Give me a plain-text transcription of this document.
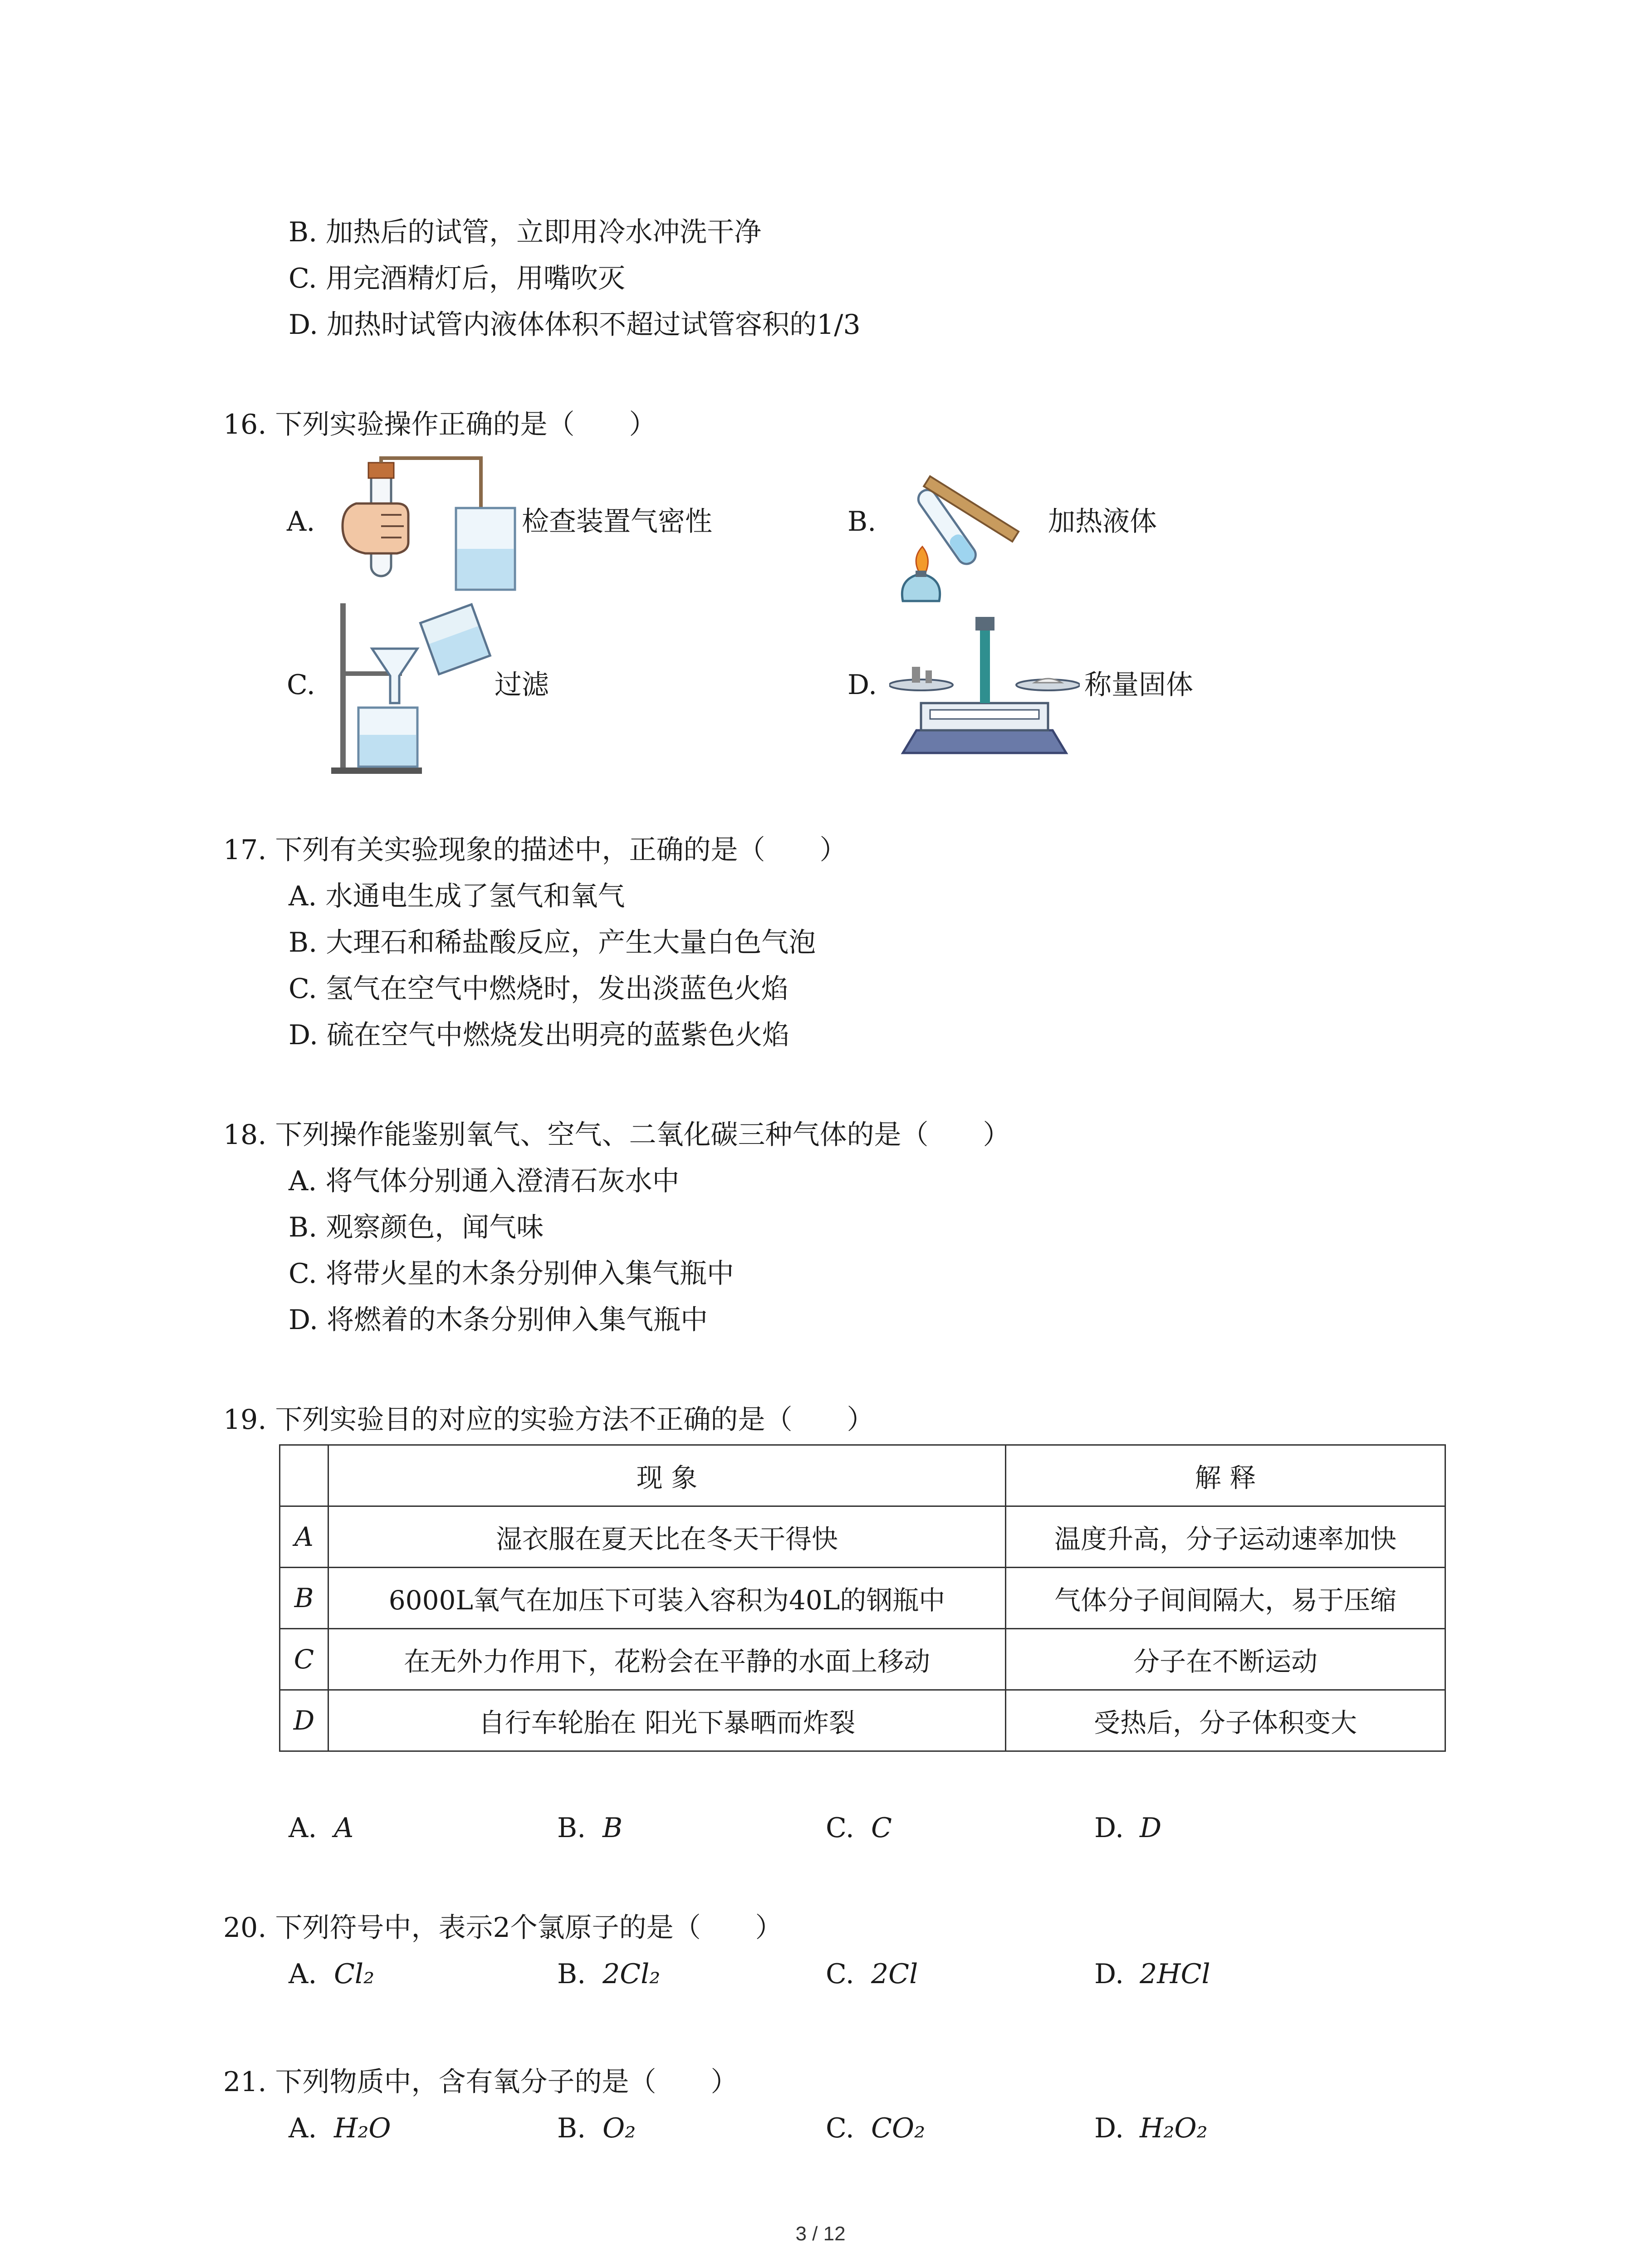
B. 加热后的试管，立即用冷水冲洗干净
C. 用完酒精灯后，用嘴吹灭
D. 加热时试管内液体体积不超过试管容积的1/3
16. 下列实验操作正确的是（　　）
A.	检查装置气密性	B.	加热液体
C.	过滤	D.	称量固体
17. 下列有关实验现象的描述中，正确的是（　　）
A. 水通电生成了氢气和氧气
B. 大理石和稀盐酸反应，产生大量白色气泡
C. 氢气在空气中燃烧时，发出淡蓝色火焰
D. 硫在空气中燃烧发出明亮的蓝紫色火焰
18. 下列操作能鉴别氧气、空气、二氧化碳三种气体的是（　　）
A. 将气体分别通入澄清石灰水中
B. 观察颜色，闻气味
C. 将带火星的木条分别伸入集气瓶中
D. 将燃着的木条分别伸入集气瓶中
19. 下列实验目的对应的实验方法不正确的是（　　）
	现 象	解 释
A	湿衣服在夏天比在冬天干得快	温度升高，分子运动速率加快
B	6000L氧气在加压下可装入容积为40L的钢瓶中	气体分子间间隔大，易于压缩
C	在无外力作用下，花粉会在平静的水面上移动	分子在不断运动
D	自行车轮胎在 阳光下暴晒而炸裂	受热后，分子体积变大
A. A	B. B	C. C	D. D
20. 下列符号中，表示2个氯原子的是（　　）
A. Cl₂	B. 2Cl₂	C. 2Cl	D. 2HCl
21. 下列物质中，含有氧分子的是（　　）
A. H₂O	B. O₂	C. CO₂	D. H₂O₂
3 / 12
